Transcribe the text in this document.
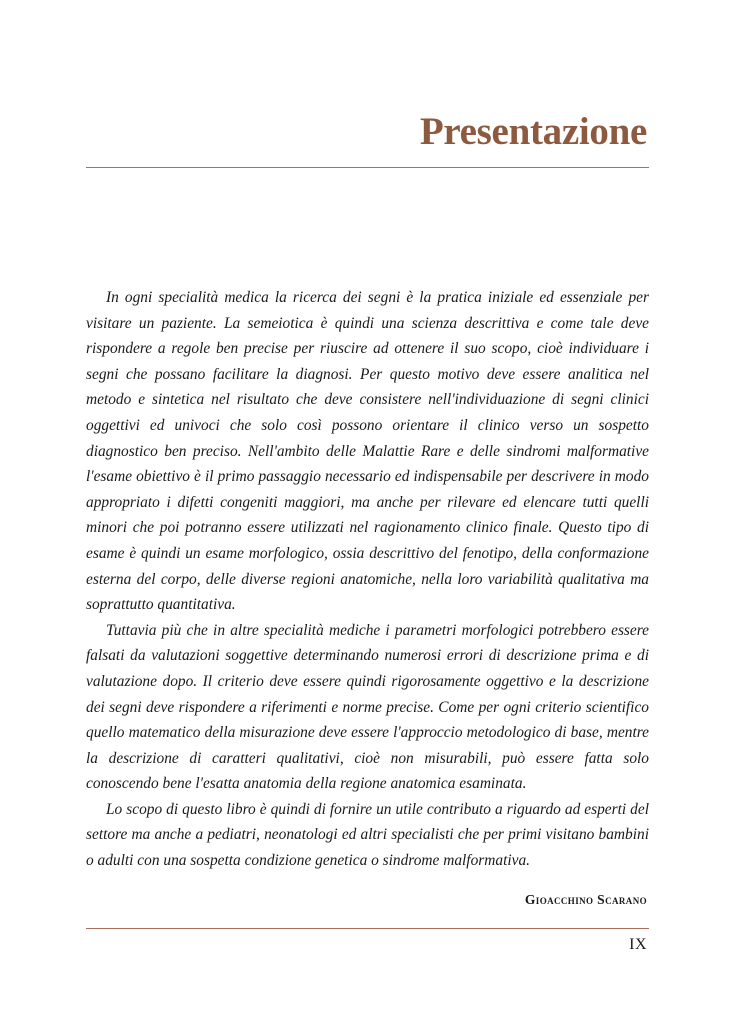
Presentazione

In ogni specialità medica la ricerca dei segni è la pratica iniziale ed essenziale per visitare un paziente. La semeiotica è quindi una scienza descrittiva e come tale deve rispondere a regole ben precise per riuscire ad ottenere il suo scopo, cioè individuare i segni che possano facilitare la diagnosi. Per questo motivo deve essere analitica nel metodo e sintetica nel risultato che deve consistere nell'individuazione di segni clinici oggettivi ed univoci che solo così possono orientare il clinico verso un sospetto diagnostico ben preciso. Nell'ambito delle Malattie Rare e delle sindromi malformative l'esame obiettivo è il primo passaggio necessario ed indispensabile per descrivere in modo appropriato i difetti congeniti maggiori, ma anche per rilevare ed elencare tutti quelli minori che poi potranno essere utilizzati nel ragionamento clinico finale. Questo tipo di esame è quindi un esame morfologico, ossia descrittivo del fenotipo, della conformazione esterna del corpo, delle diverse regioni anatomiche, nella loro variabilità qualitativa ma soprattutto quantitativa.

Tuttavia più che in altre specialità mediche i parametri morfologici potrebbero essere falsati da valutazioni soggettive determinando numerosi errori di descrizione prima e di valutazione dopo. Il criterio deve essere quindi rigorosamente oggettivo e la descrizione dei segni deve rispondere a riferimenti e norme precise. Come per ogni criterio scientifico quello matematico della misurazione deve essere l'approccio metodologico di base, mentre la descrizione di caratteri qualitativi, cioè non misurabili, può essere fatta solo conoscendo bene l'esatta anatomia della regione anatomica esaminata.

Lo scopo di questo libro è quindi di fornire un utile contributo a riguardo ad esperti del settore ma anche a pediatri, neonatologi ed altri specialisti che per primi visitano bambini o adulti con una sospetta condizione genetica o sindrome malformativa.

Gioacchino Scarano

IX
